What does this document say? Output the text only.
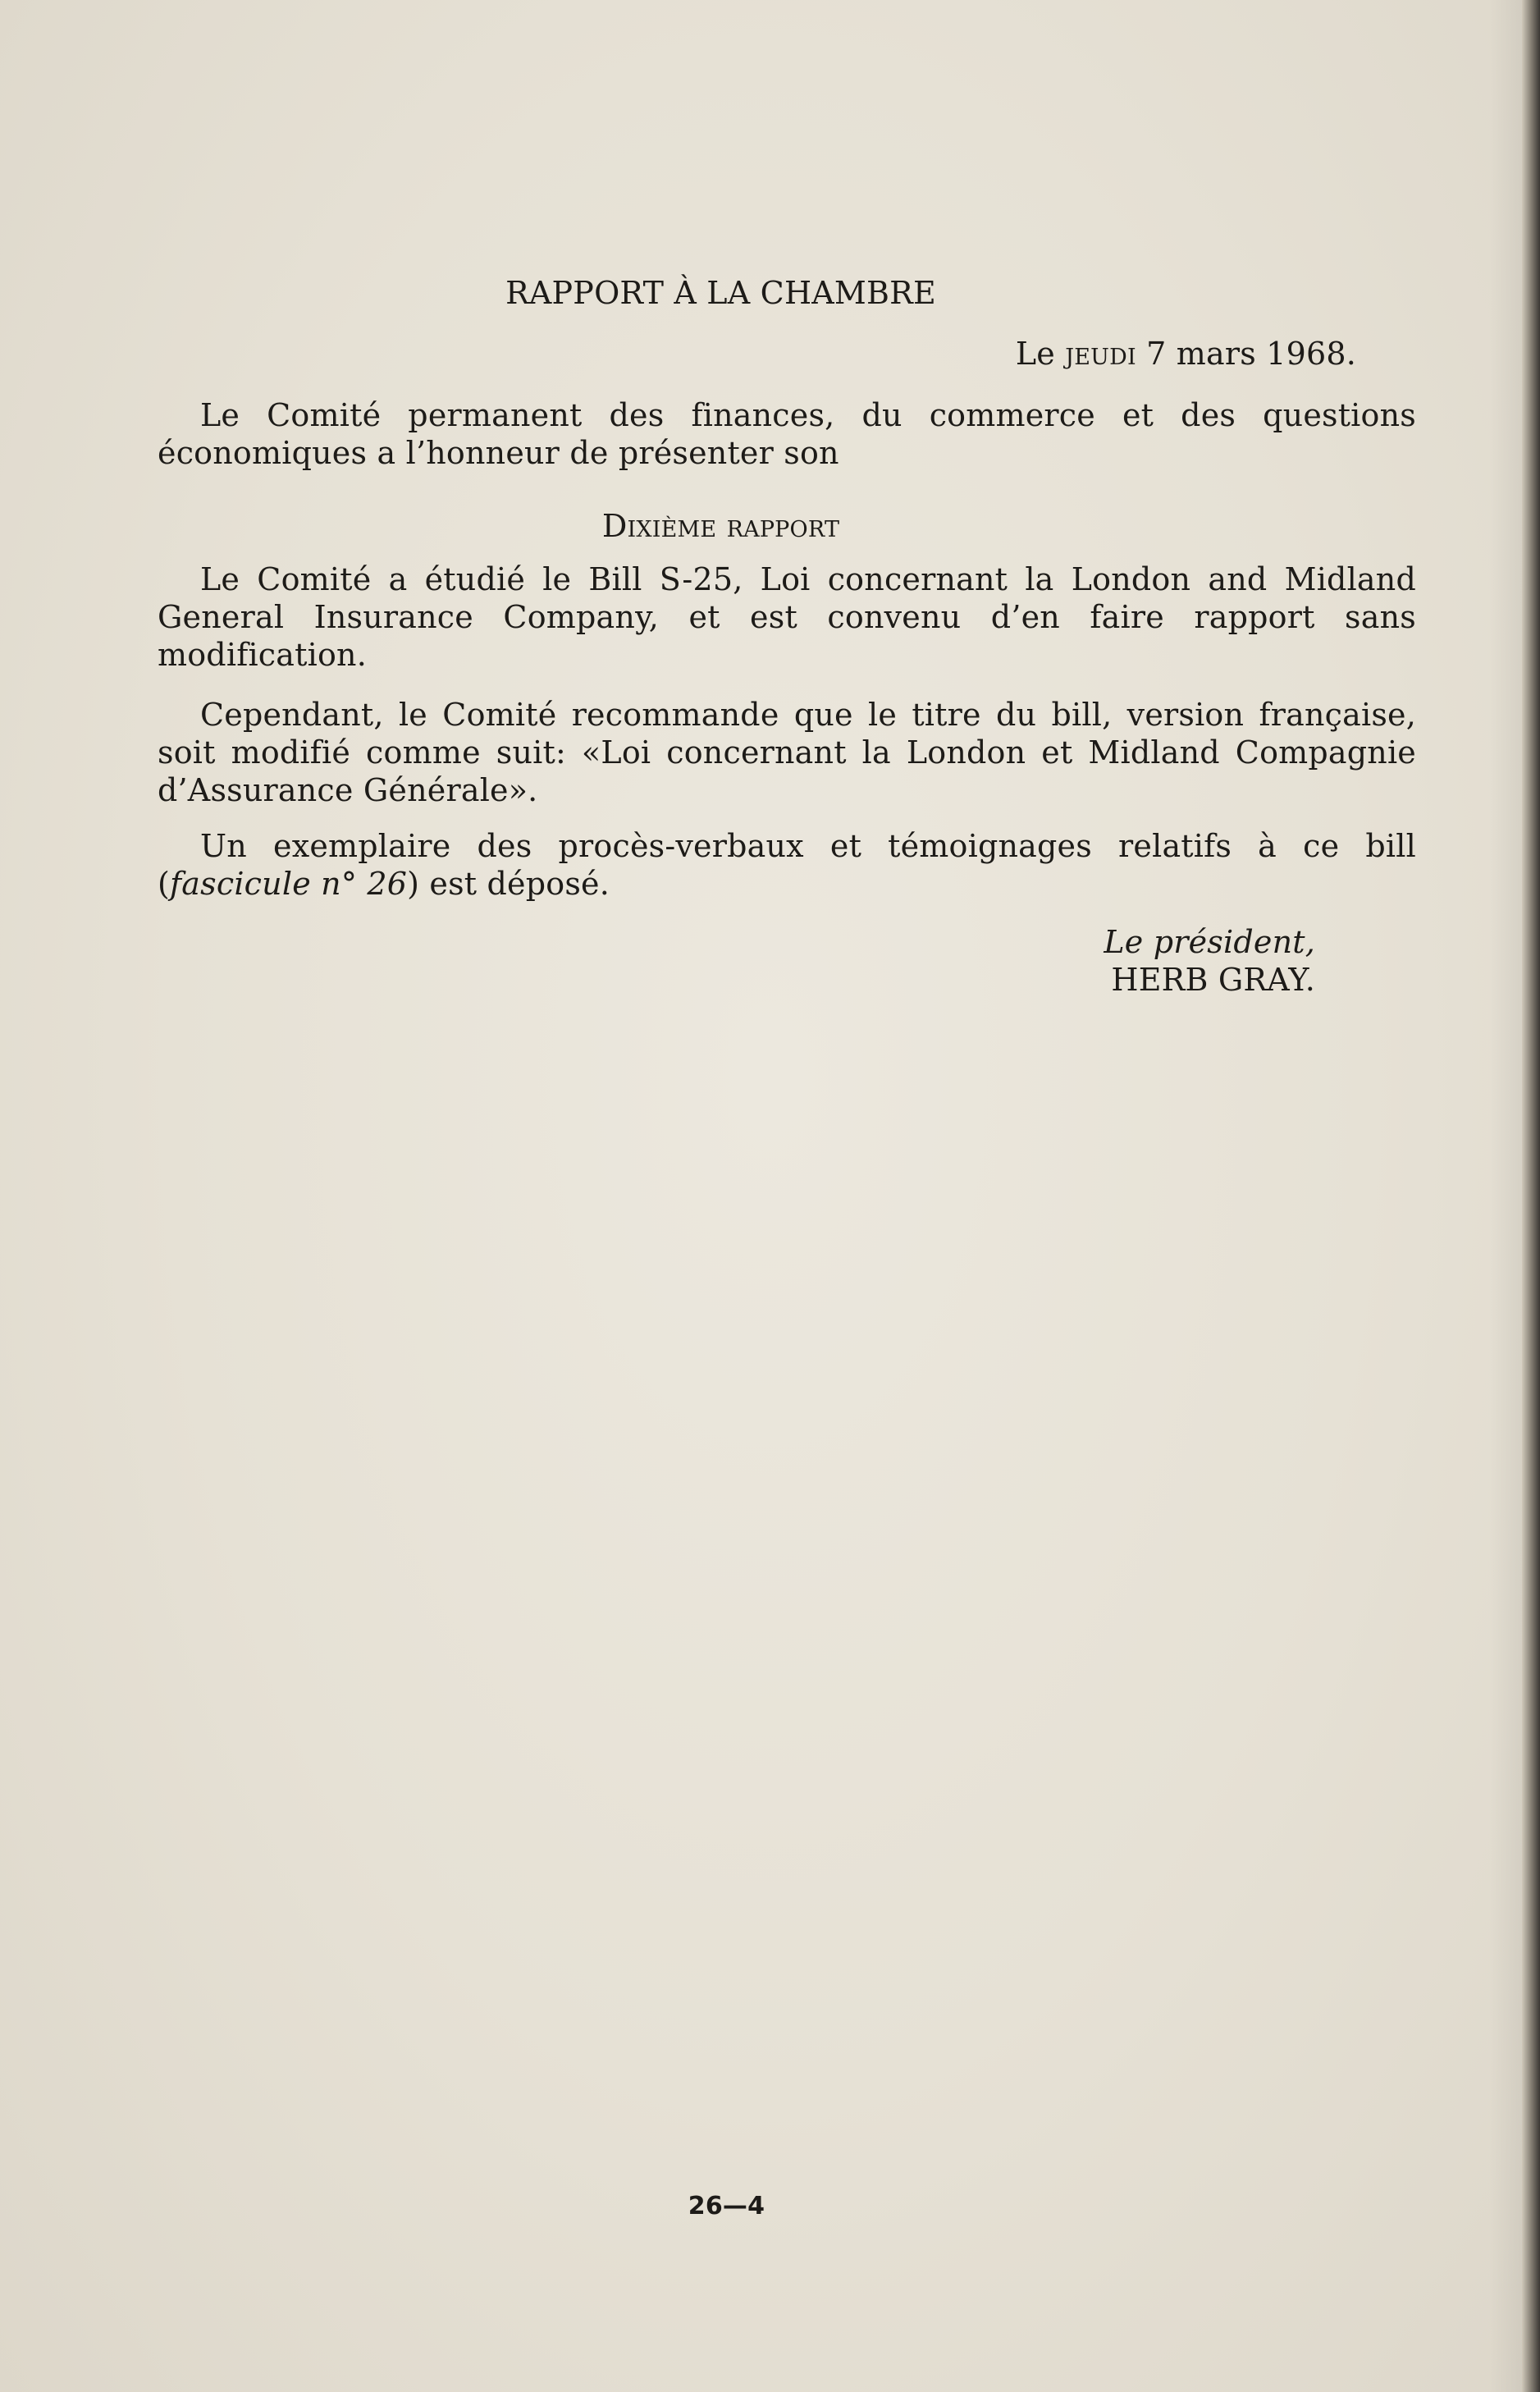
RAPPORT À LA CHAMBRE
Le jeudi 7 mars 1968.
Le Comité permanent des finances, du commerce et des questions économiques a l’honneur de présenter son
Dixième rapport
Le Comité a étudié le Bill S-25, Loi concernant la London and Midland General Insurance Company, et est convenu d’en faire rapport sans modification.
Cependant, le Comité recommande que le titre du bill, version française, soit modifié comme suit: «Loi concernant la London et Midland Compagnie d’Assurance Générale».
Un exemplaire des procès-verbaux et témoignages relatifs à ce bill (fascicule n° 26) est déposé.
Le président,
HERB GRAY.
26—4
